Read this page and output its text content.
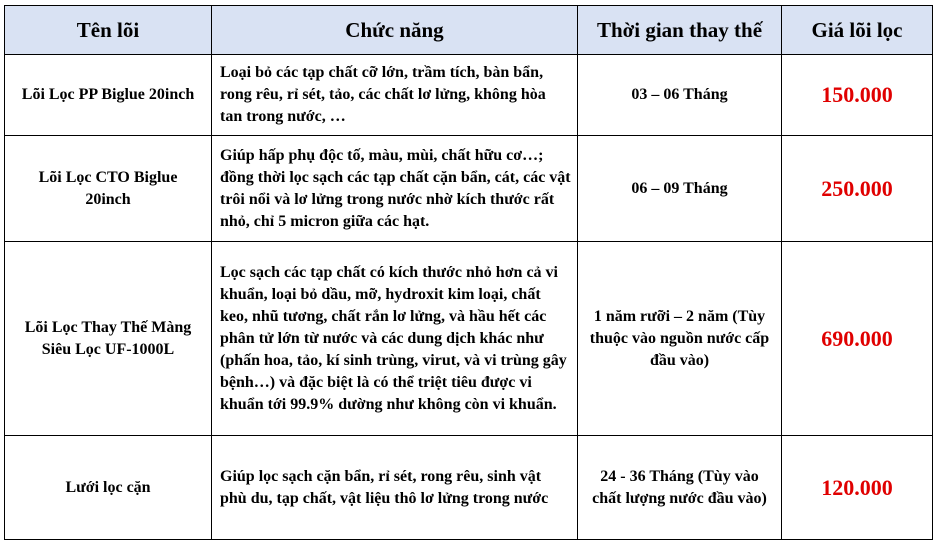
Tên lõi	Chức năng	Thời gian thay thế	Giá lõi lọc
Lõi Lọc PP Biglue 20inch	Loại bỏ các tạp chất cỡ lớn, trầm tích, bàn bẩn, rong rêu, rỉ sét, tảo, các chất lơ lửng, không hòa tan trong nước, …	03 – 06 Tháng	150.000
Lõi Lọc CTO Biglue 20inch	Giúp hấp phụ độc tố, màu, mùi, chất hữu cơ…; đồng thời lọc sạch các tạp chất cặn bẩn, cát, các vật trôi nổi và lơ lửng trong nước nhờ kích thước rất nhỏ, chỉ 5 micron giữa các hạt.	06 – 09 Tháng	250.000
Lõi Lọc Thay Thế Màng Siêu Lọc UF-1000L	Lọc sạch các tạp chất có kích thước nhỏ hơn cả vi khuẩn, loại bỏ dầu, mỡ, hydroxit kim loại, chất keo, nhũ tương, chất rắn lơ lửng, và hầu hết các phân tử lớn từ nước và các dung dịch khác như (phấn hoa, tảo, kí sinh trùng, virut, và vi trùng gây bệnh…) và đặc biệt là có thể triệt tiêu được vi khuẩn tới 99.9% dường như không còn vi khuẩn.	1 năm rưỡi – 2 năm (Tùy thuộc vào nguồn nước cấp đầu vào)	690.000
Lưới lọc cặn	Giúp lọc sạch cặn bẩn, rỉ sét, rong rêu, sinh vật phù du, tạp chất, vật liệu thô lơ lửng trong nước	24 - 36 Tháng (Tùy vào chất lượng nước đầu vào)	120.000
